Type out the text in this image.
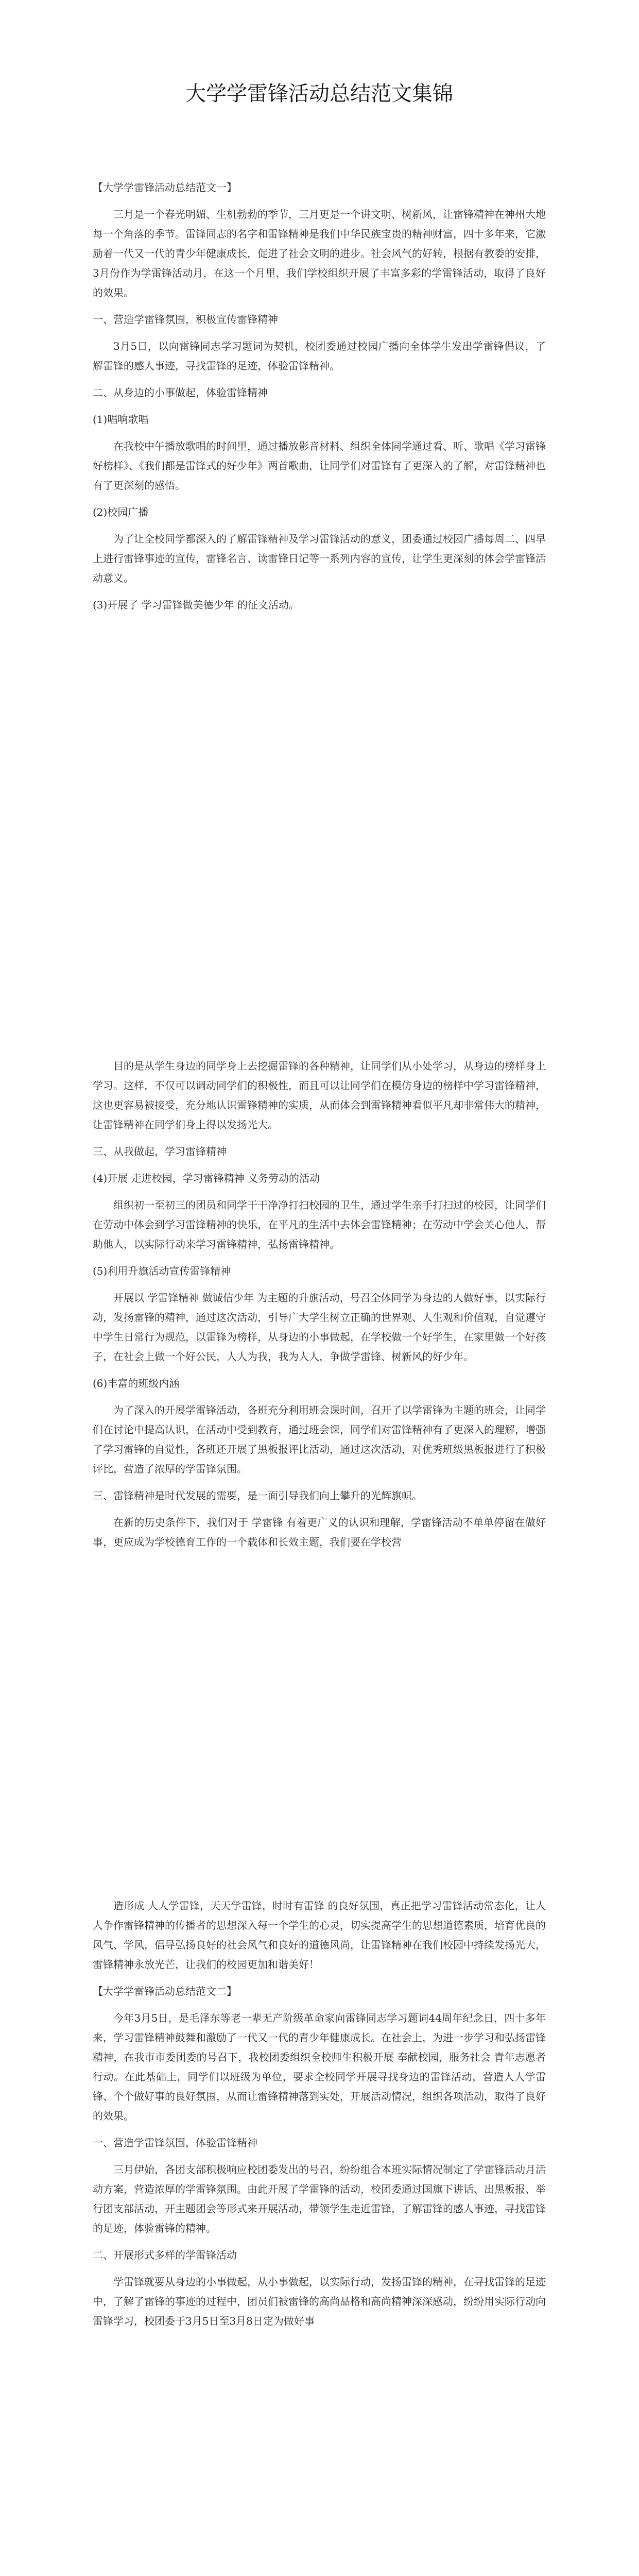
大学学雷锋活动总结范文集锦

【大学学雷锋活动总结范文一】

三月是一个春光明媚、生机勃勃的季节，三月更是一个讲文明、树新风，让雷锋精神在神州大地每一个角落的季节。雷锋同志的名字和雷锋精神是我们中华民族宝贵的精神财富，四十多年来，它激励着一代又一代的青少年健康成长，促进了社会文明的进步。社会风气的好转，根据有教委的安排，3月份作为学雷锋活动月，在这一个月里，我们学校组织开展了丰富多彩的学雷锋活动，取得了良好的效果。

一、营造学雷锋氛围，积极宣传雷锋精神

3月5日，以向雷锋同志学习题词为契机，校团委通过校园广播向全体学生发出学雷锋倡议，了解雷锋的感人事迹，寻找雷锋的足迹，体验雷锋精神。

二、从身边的小事做起，体验雷锋精神

(1)唱响歌唱

在我校中午播放歌唱的时间里，通过播放影音材料、组织全体同学通过看、听、歌唱《学习雷锋好榜样》、《我们都是雷锋式的好少年》两首歌曲，让同学们对雷锋有了更深入的了解，对雷锋精神也有了更深刻的感悟。

(2)校园广播

为了让全校同学都深入的了解雷锋精神及学习雷锋活动的意义，团委通过校园广播每周二、四早上进行雷锋事迹的宣传，雷锋名言、读雷锋日记等一系列内容的宣传，让学生更深刻的体会学雷锋活动意义。

(3)开展了 学习雷锋做美德少年 的征文活动。

目的是从学生身边的同学身上去挖掘雷锋的各种精神，让同学们从小处学习，从身边的榜样身上学习。这样，不仅可以调动同学们的积极性，而且可以让同学们在模仿身边的榜样中学习雷锋精神，这也更容易被接受，充分地认识雷锋精神的实质，从而体会到雷锋精神看似平凡却非常伟大的精神，让雷锋精神在同学们身上得以发扬光大。

三、从我做起，学习雷锋精神

(4)开展 走进校园，学习雷锋精神 义务劳动的活动

组织初一至初三的团员和同学干干净净打扫校园的卫生，通过学生亲手打扫过的校园，让同学们在劳动中体会到学习雷锋精神的快乐，在平凡的生活中去体会雷锋精神；在劳动中学会关心他人，帮助他人，以实际行动来学习雷锋精神，弘扬雷锋精神。

(5)利用升旗活动宣传雷锋精神

开展以 学雷锋精神 做诚信少年 为主题的升旗活动，号召全体同学为身边的人做好事，以实际行动，发扬雷锋的精神，通过这次活动，引导广大学生树立正确的世界观、人生观和价值观，自觉遵守中学生日常行为规范，以雷锋为榜样，从身边的小事做起，在学校做一个好学生，在家里做一个好孩子，在社会上做一个好公民，人人为我，我为人人，争做学雷锋、树新风的好少年。

(6)丰富的班级内涵

为了深入的开展学雷锋活动，各班充分利用班会课时间，召开了以学雷锋为主题的班会，让同学们在讨论中提高认识，在活动中受到教育，通过班会课，同学们对雷锋精神有了更深入的理解，增强了学习雷锋的自觉性，各班还开展了黑板报评比活动，通过这次活动，对优秀班级黑板报进行了积极评比，营造了浓厚的学雷锋氛围。

三、雷锋精神是时代发展的需要，是一面引导我们向上攀升的光辉旗帜。

在新的历史条件下，我们对于 学雷锋 有着更广义的认识和理解，学雷锋活动不单单停留在做好事，更应成为学校德育工作的一个载体和长效主题，我们要在学校营

造形成 人人学雷锋，天天学雷锋，时时有雷锋 的良好氛围，真正把学习雷锋活动常态化，让人人争作雷锋精神的传播者的思想深入每一个学生的心灵，切实提高学生的思想道德素质，培育优良的风气、学风，倡导弘扬良好的社会风气和良好的道德风尚，让雷锋精神在我们校园中持续发扬光大，雷锋精神永放光芒，让我们的校园更加和谐美好！

【大学学雷锋活动总结范文二】

今年3月5日，是毛泽东等老一辈无产阶级革命家向雷锋同志学习题词44周年纪念日，四十多年来，学习雷锋精神鼓舞和激励了一代又一代的青少年健康成长。在社会上，为进一步学习和弘扬雷锋精神，在我市市委团委的号召下，我校团委组织全校师生积极开展 奉献校园，服务社会 青年志愿者行动。在此基础上，同学们以班级为单位，要求全校同学开展寻找身边的雷锋活动，营造人人学雷锋、个个做好事的良好氛围，从而让雷锋精神落到实处，开展活动情况，组织各项活动，取得了良好的效果。

一、营造学雷锋氛围，体验雷锋精神

三月伊始，各团支部积极响应校团委发出的号召，纷纷组合本班实际情况制定了学雷锋活动月活动方案，营造浓厚的学雷锋氛围。由此开展了学雷锋的活动，校团委通过国旗下讲话、出黑板报、举行团支部活动，开主题团会等形式来开展活动，带领学生走近雷锋，了解雷锋的感人事迹，寻找雷锋的足迹，体验雷锋的精神。

二、开展形式多样的学雷锋活动

学雷锋就要从身边的小事做起，从小事做起，以实际行动，发扬雷锋的精神，在寻找雷锋的足迹中，了解了雷锋的事迹的过程中，团员们被雷锋的高尚品格和高尚精神深深感动，纷纷用实际行动向雷锋学习，校团委于3月5日至3月8日定为做好事
